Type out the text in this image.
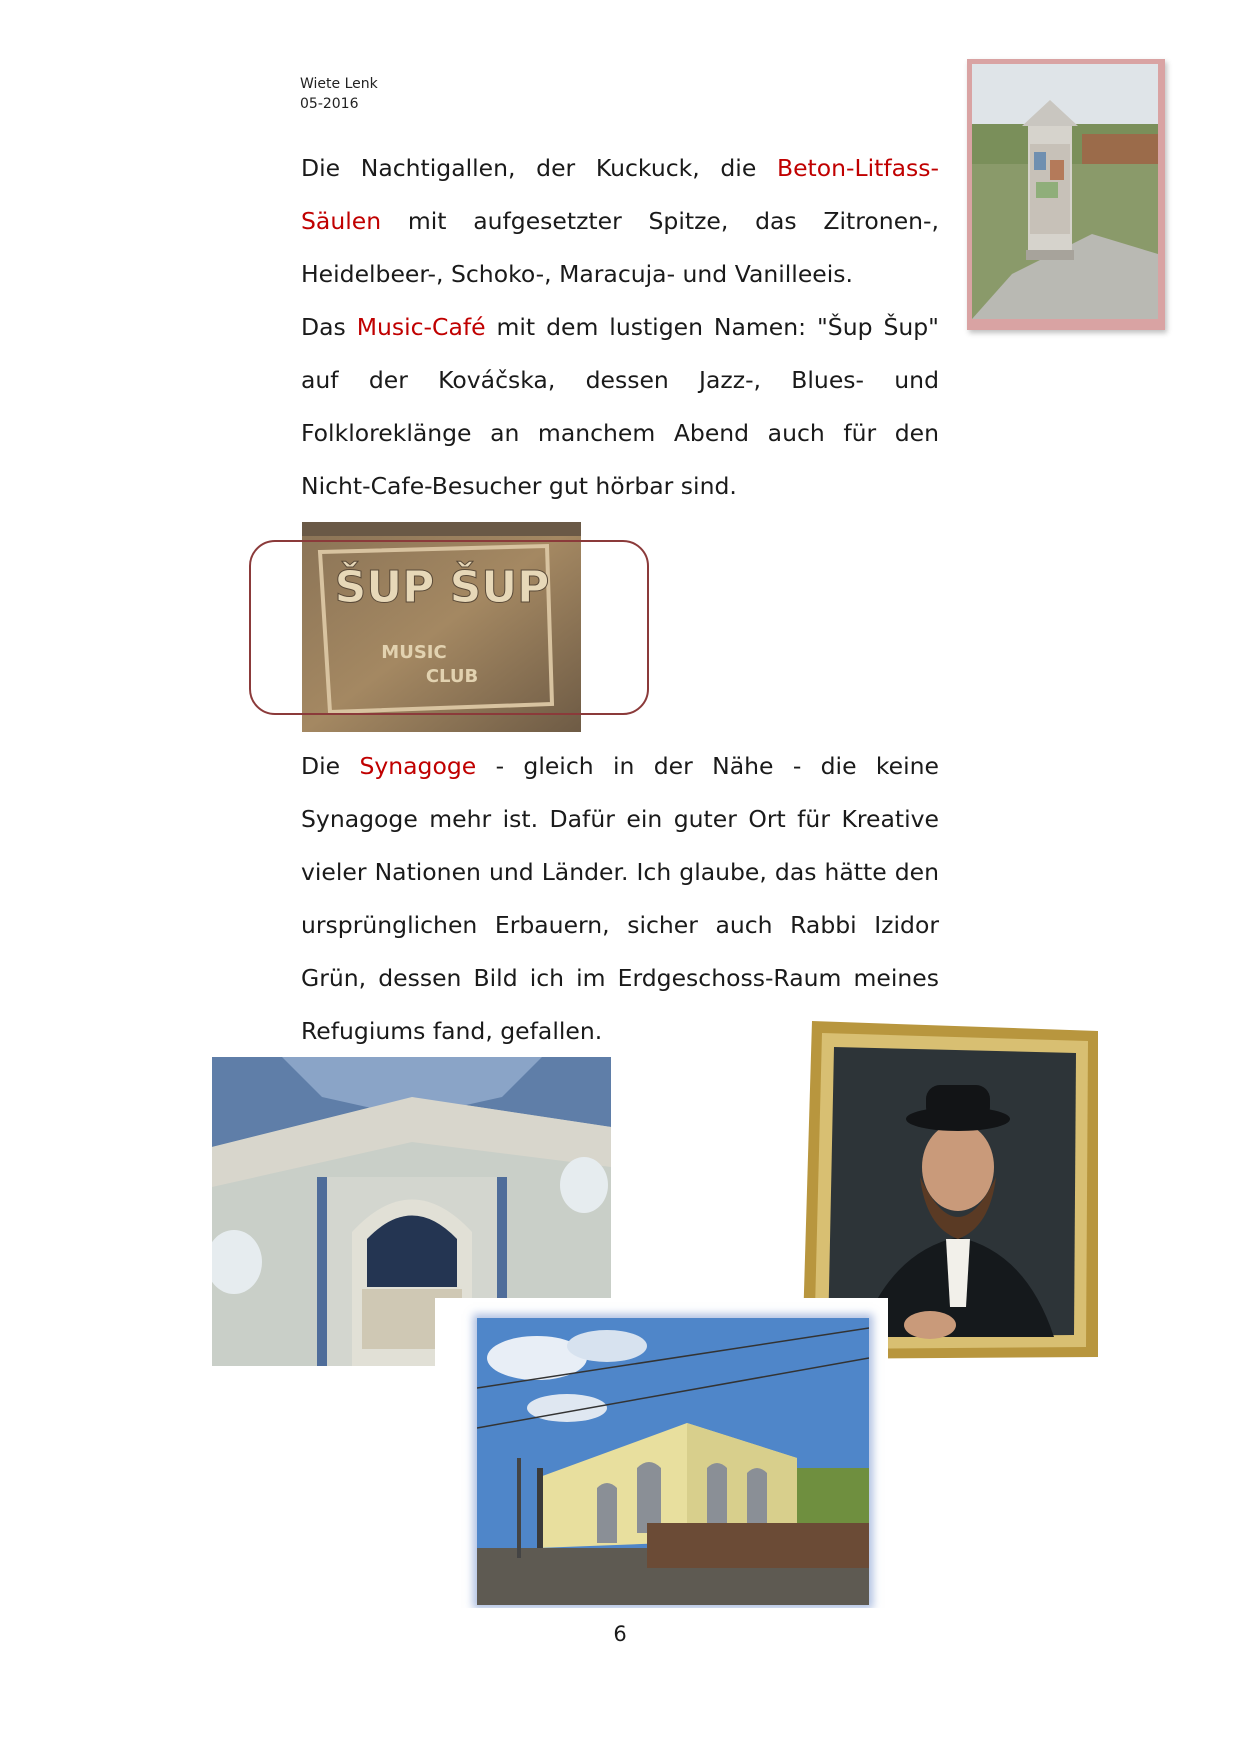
Wiete Lenk
05-2016

Die Nachtigallen, der Kuckuck, die Beton-Litfass-Säulen mit aufgesetzter Spitze, das Zitronen-, Heidelbeer-, Schoko-, Maracuja- und Vanilleeis.

Das Music-Café mit dem lustigen Namen: "Šup Šup" auf der Kováčska, dessen Jazz-, Blues- und Folkloreklänge an manchem Abend auch für den Nicht-Cafe-Besucher gut hörbar sind.

Die Synagoge - gleich in der Nähe - die keine Synagoge mehr ist. Dafür ein guter Ort für Kreative vieler Nationen und Länder. Ich glaube, das hätte den ursprünglichen Erbauern, sicher auch Rabbi Izidor Grün, dessen Bild ich im Erdgeschoss-Raum meines Refugiums fand, gefallen.

ŠUP ŠUP
MUSIC
CLUB
6
